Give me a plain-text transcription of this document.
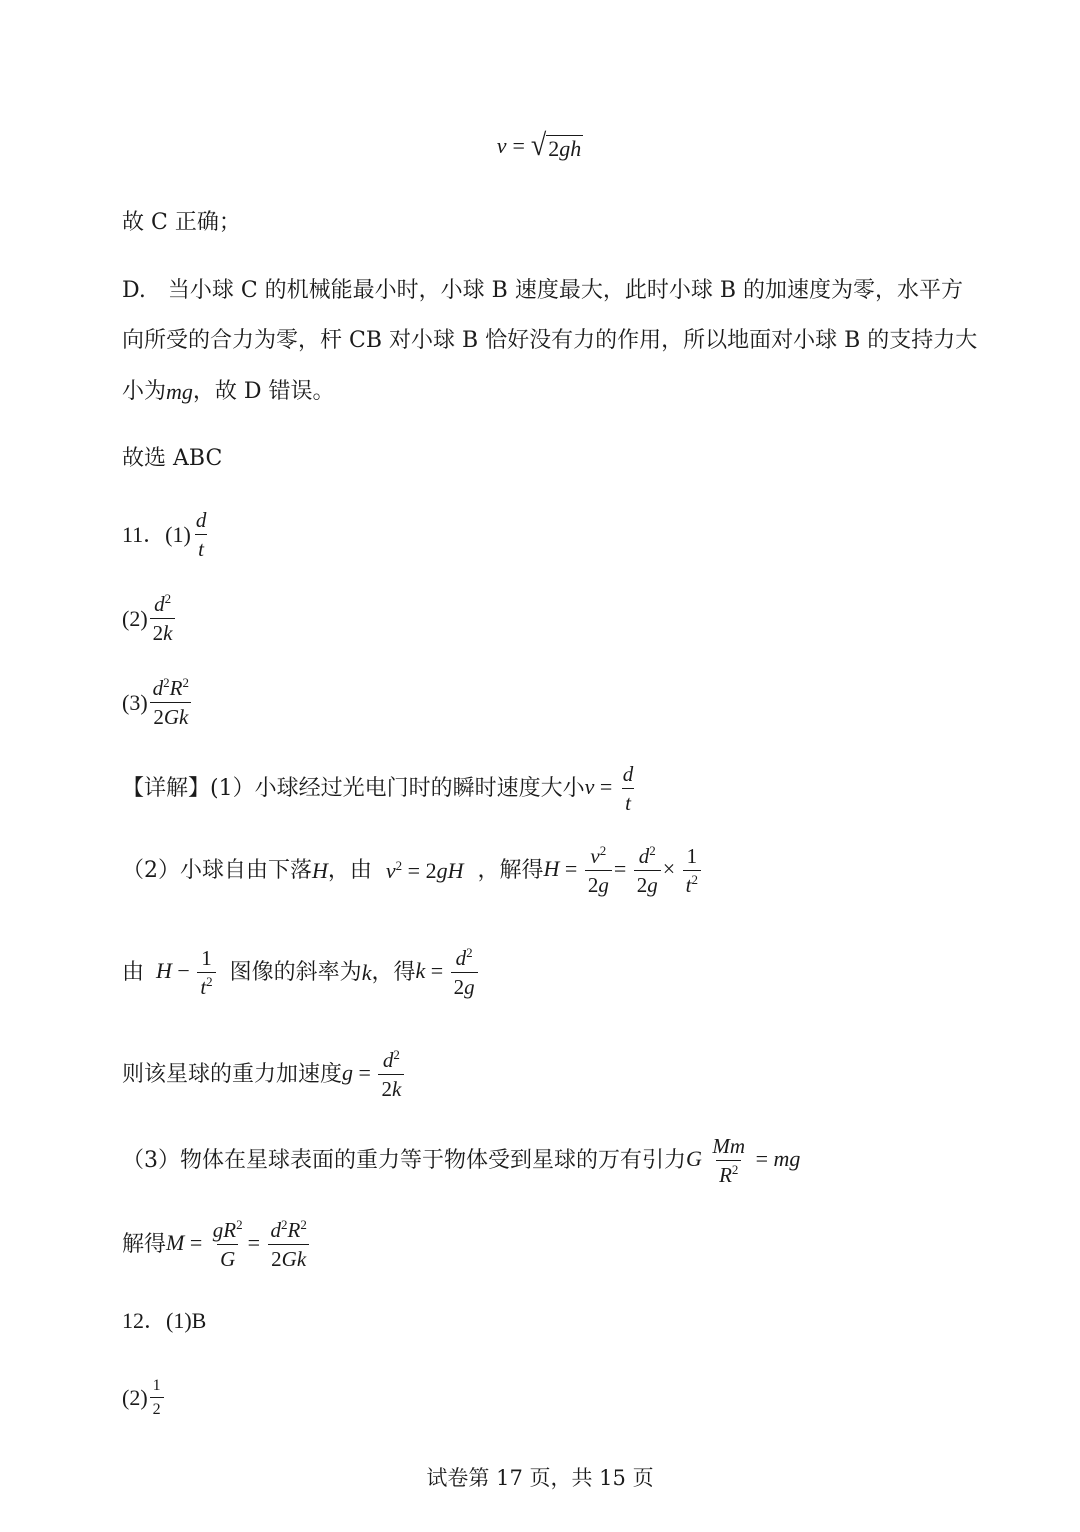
v = √ 2gh
故 C 正确；
D.　当小球 C 的机械能最小时，小球 B 速度最大，此时小球 B 的加速度为零，水平方
向所受的合力为零，杆 CB 对小球 B 恰好没有力的作用，所以地面对小球 B 的支持力大
小为 mg ，故 D 错误。
故选 ABC
11．$(1) \frac{d}{t}$
$(2) \frac{d^2}{2k}$
$(3) \frac{d^2R^2}{2Gk}$
【详解】(1）小球经过光电门时的瞬时速度大小 $v = \frac{d}{t}$
（2）小球自由下落 H ，由 $v^2 = 2gH$ ，解得 $H = \frac{v^2}{2g} = \frac{d^2}{2g} \times \frac{1}{t^2}$
由 $H - \frac{1}{t^2}$ 图像的斜率为 k ，得 $k = \frac{d^2}{2g}$
则该星球的重力加速度 $g = \frac{d^2}{2k}$
（3）物体在星球表面的重力等于物体受到星球的万有引力 G $\frac{Mm}{R^2}$ = mg
解得 $M = \frac{gR^2}{G} = \frac{d^2R^2}{2Gk}$
12．(1)B
$(2) \frac{1}{2}$
试卷第 17 页，共 15 页
